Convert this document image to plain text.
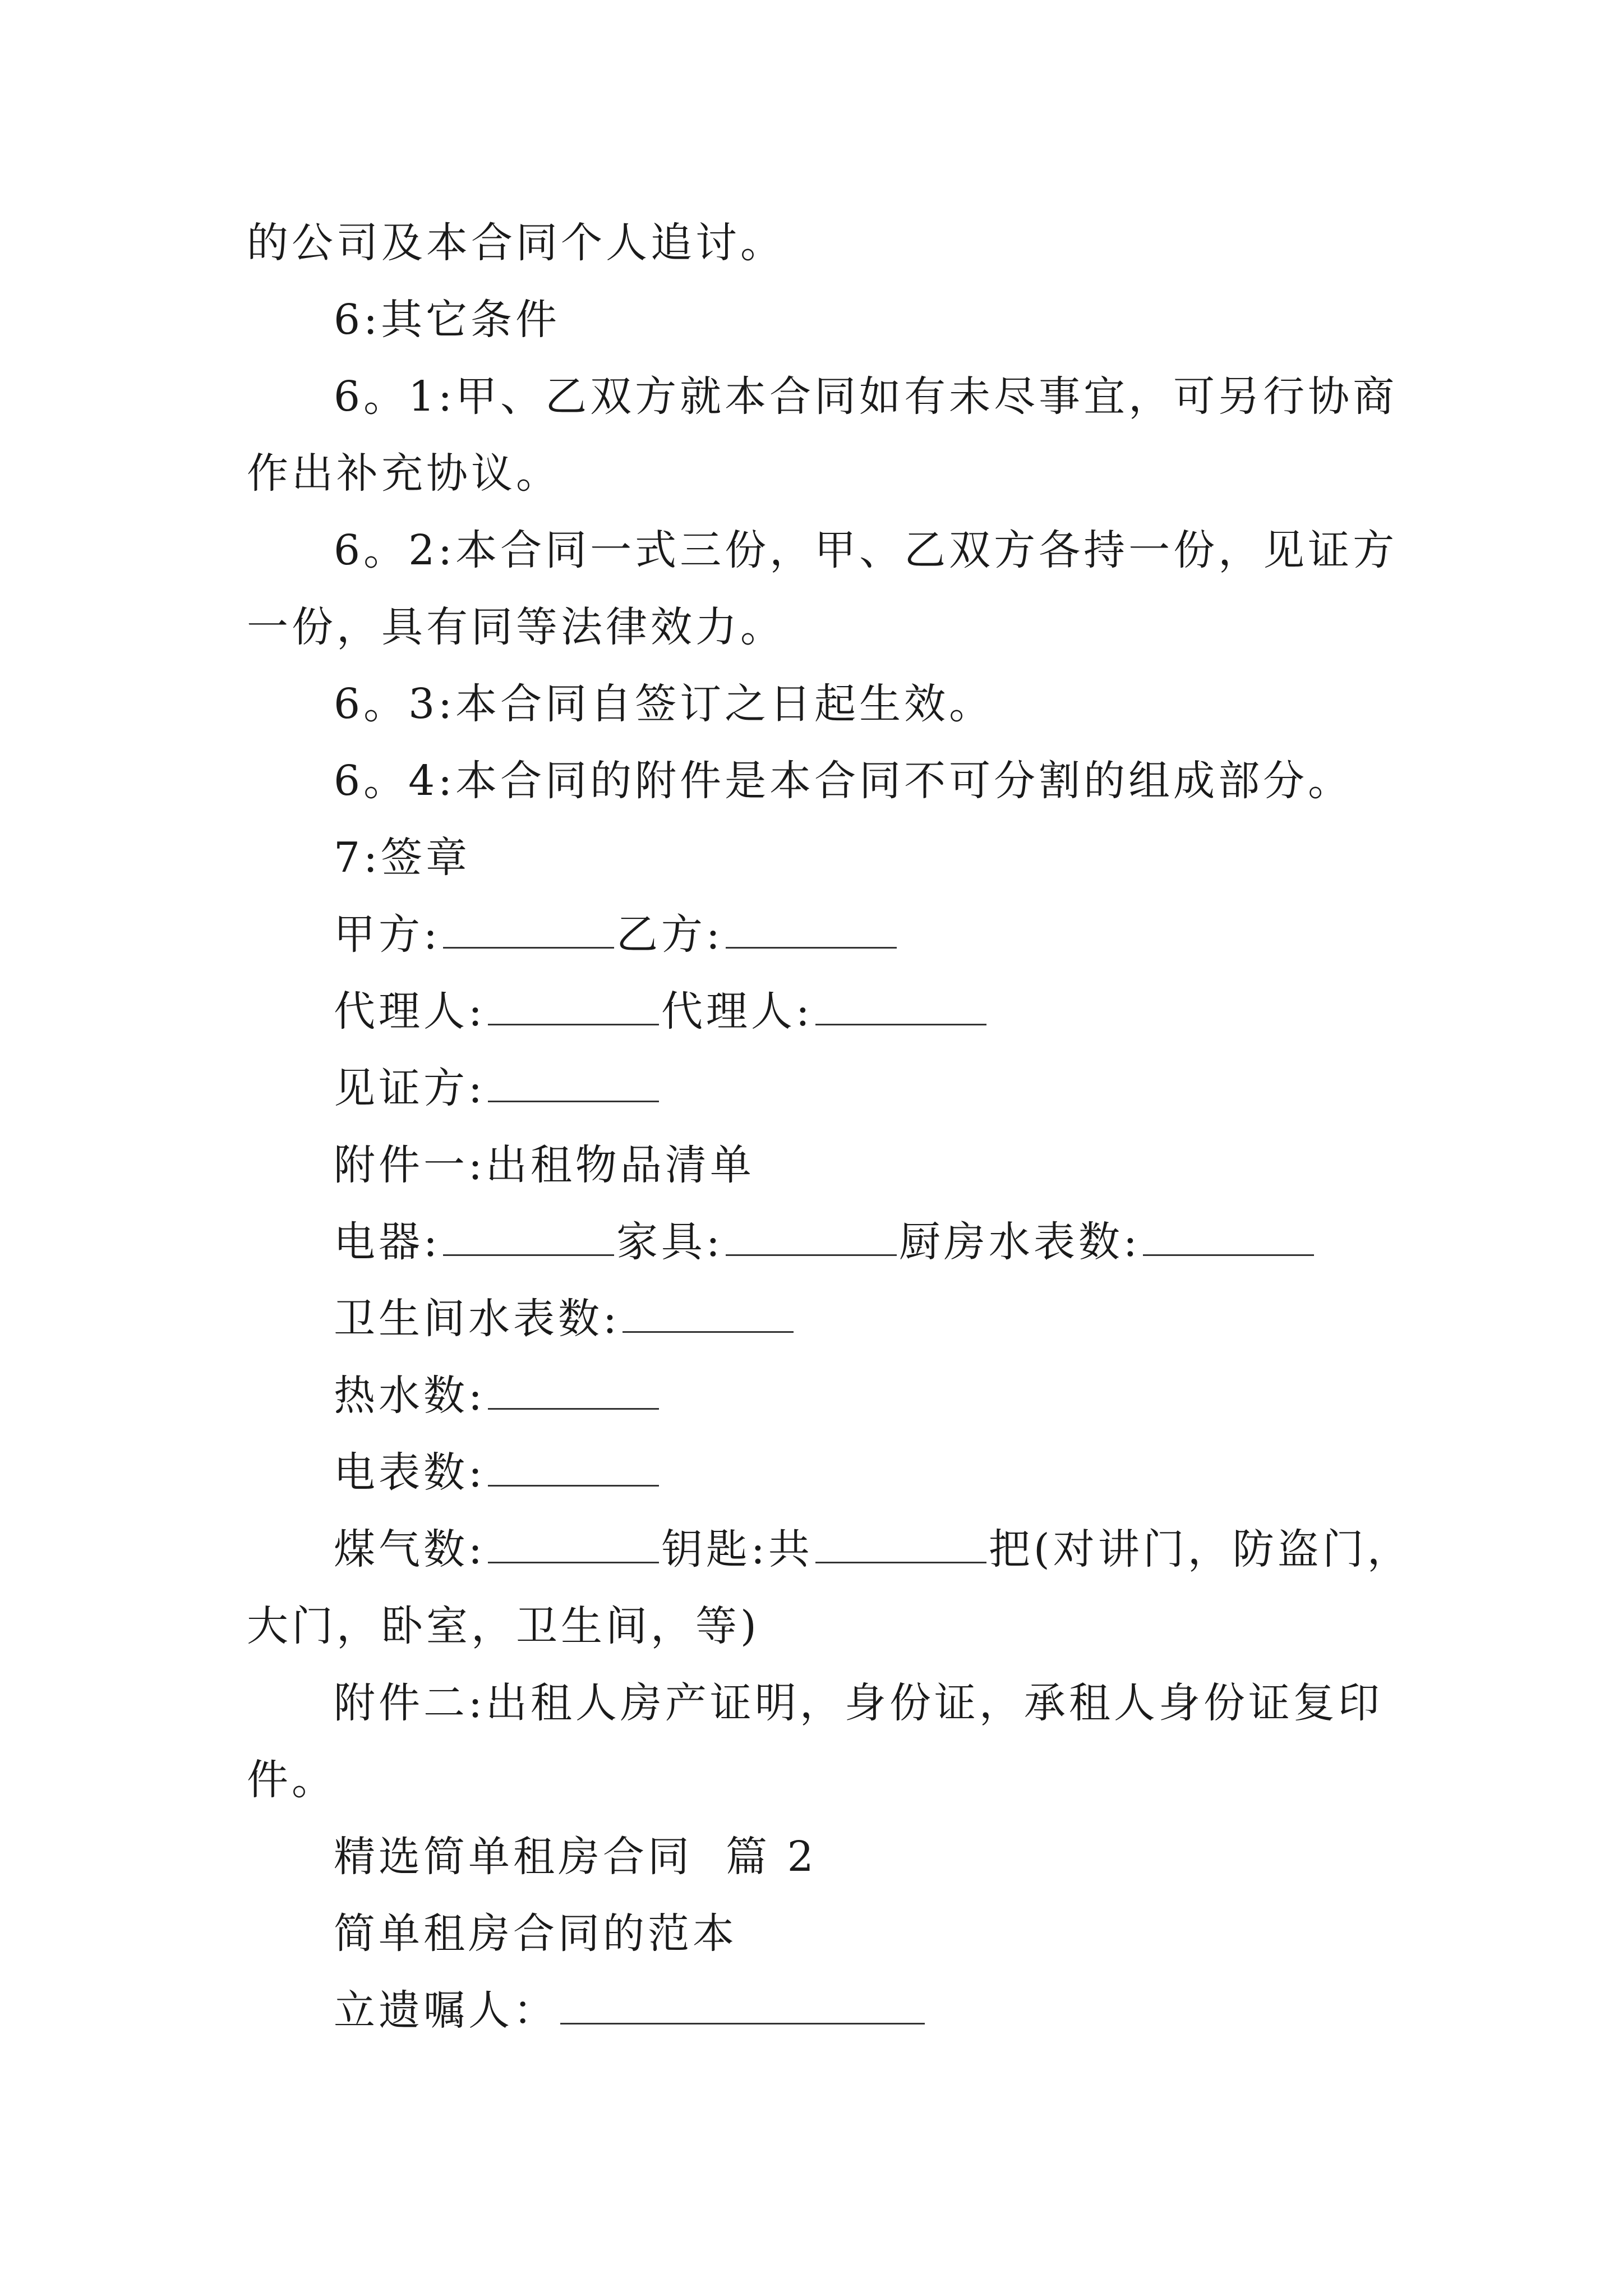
的公司及本合同个人追讨。

6:其它条件

6。1:甲、乙双方就本合同如有未尽事宜，可另行协商

作出补充协议。

6。2:本合同一式三份，甲、乙双方各持一份，见证方

一份，具有同等法律效力。

6。3:本合同自签订之日起生效。

6。4:本合同的附件是本合同不可分割的组成部分。

7:签章

甲方:	乙方:

代理人:	代理人:

见证方:

附件一:出租物品清单

电器:	家具:	厨房水表数:

卫生间水表数:

热水数:

电表数:

煤气数:	钥匙:共	把(对讲门，防盗门，

大门，卧室，卫生间，等)

附件二:出租人房产证明，身份证，承租人身份证复印

件。

精选简单租房合同  篇 2

简单租房合同的范本

立遗嘱人：
